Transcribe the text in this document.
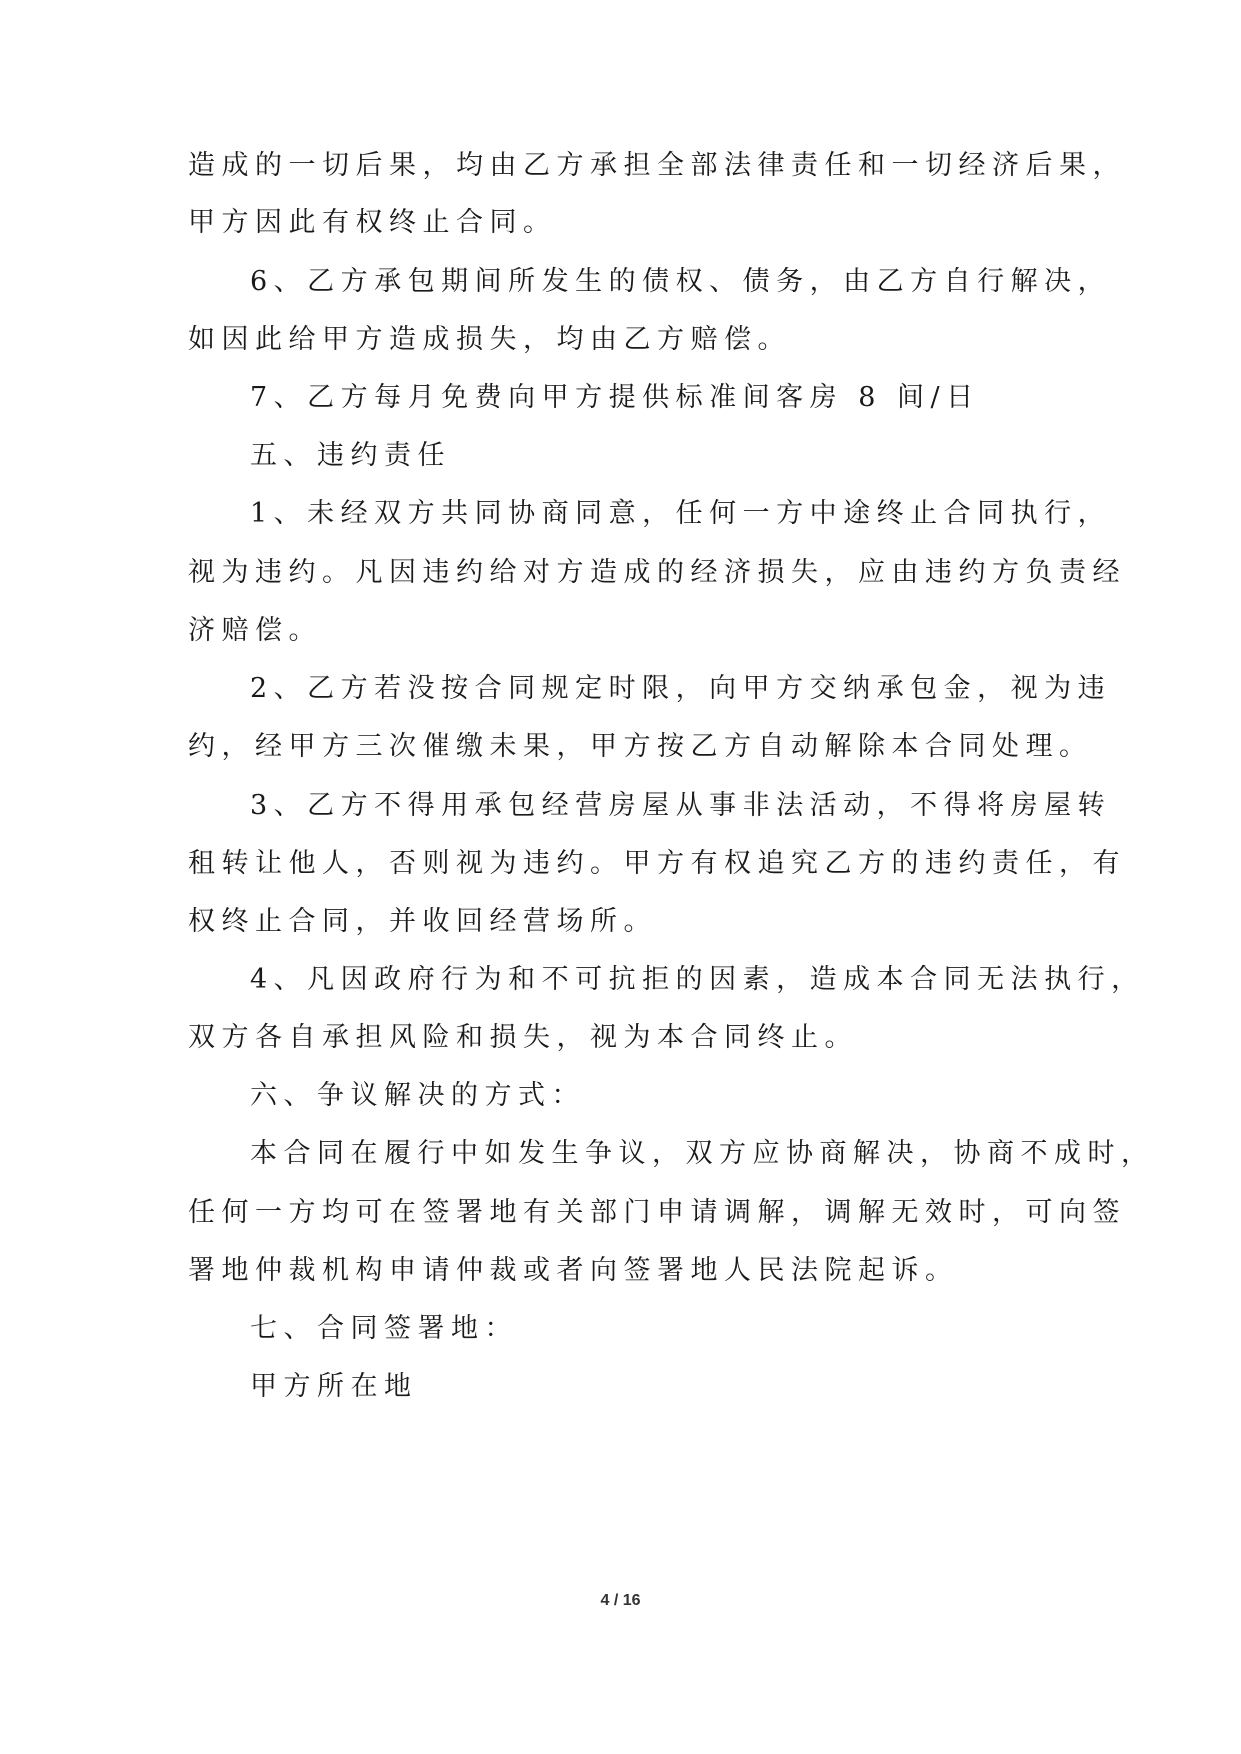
造成的一切后果，均由乙方承担全部法律责任和一切经济后果，

甲方因此有权终止合同。

6、乙方承包期间所发生的债权、债务，由乙方自行解决，

如因此给甲方造成损失，均由乙方赔偿。

7、乙方每月免费向甲方提供标准间客房 8 间/日

五、违约责任

1、未经双方共同协商同意，任何一方中途终止合同执行，

视为违约。凡因违约给对方造成的经济损失，应由违约方负责经

济赔偿。

2、乙方若没按合同规定时限，向甲方交纳承包金，视为违

约，经甲方三次催缴未果，甲方按乙方自动解除本合同处理。

3、乙方不得用承包经营房屋从事非法活动，不得将房屋转

租转让他人，否则视为违约。甲方有权追究乙方的违约责任，有

权终止合同，并收回经营场所。

4、凡因政府行为和不可抗拒的因素，造成本合同无法执行，

双方各自承担风险和损失，视为本合同终止。

六、争议解决的方式：

本合同在履行中如发生争议，双方应协商解决，协商不成时，

任何一方均可在签署地有关部门申请调解，调解无效时，可向签

署地仲裁机构申请仲裁或者向签署地人民法院起诉。

七、合同签署地：

甲方所在地

4 / 16
